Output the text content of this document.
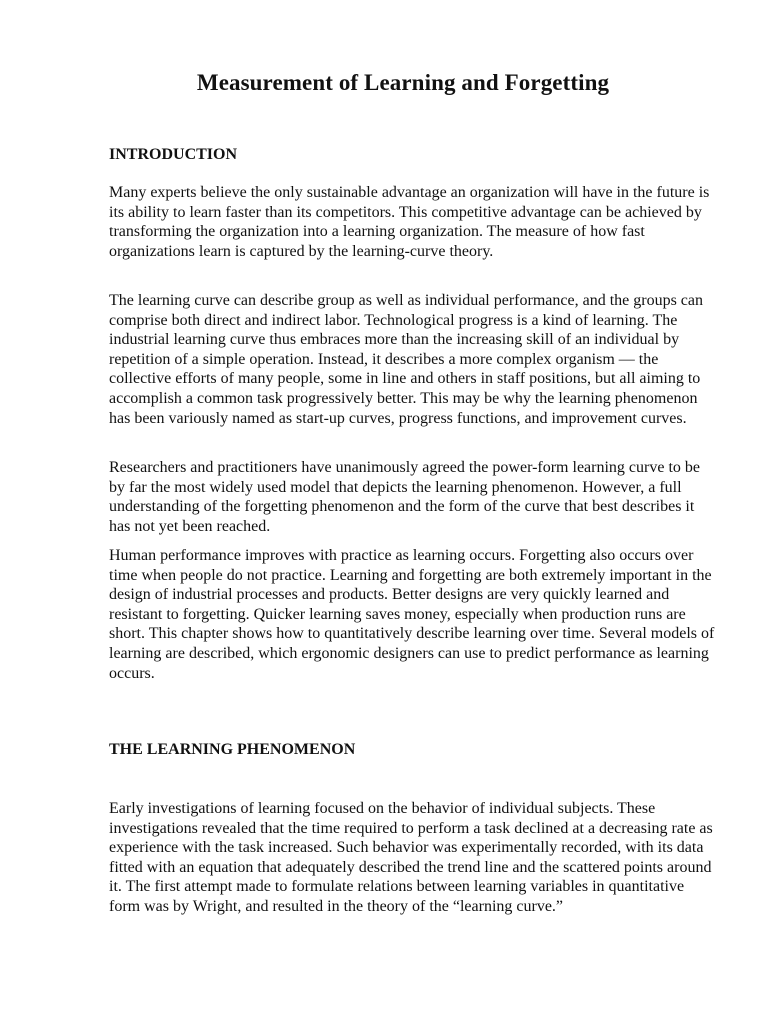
Measurement of Learning and Forgetting
INTRODUCTION

Many experts believe the only sustainable advantage an organization will have in the future is its ability to learn faster than its competitors. This competitive advantage can be achieved by transforming the organization into a learning organization. The measure of how fast organizations learn is captured by the learning-curve theory.

The learning curve can describe group as well as individual performance, and the groups can comprise both direct and indirect labor. Technological progress is a kind of learning. The industrial learning curve thus embraces more than the increasing skill of an individual by repetition of a simple operation. Instead, it describes a more complex organism — the collective efforts of many people, some in line and others in staff positions, but all aiming to accomplish a common task progressively better. This may be why the learning phenomenon has been variously named as start-up curves, progress functions, and improvement curves.

Researchers and practitioners have unanimously agreed the power-form learning curve to be by far the most widely used model that depicts the learning phenomenon. However, a full understanding of the forgetting phenomenon and the form of the curve that best describes it has not yet been reached.

Human performance improves with practice as learning occurs. Forgetting also occurs over time when people do not practice. Learning and forgetting are both extremely important in the design of industrial processes and products. Better designs are very quickly learned and resistant to forgetting. Quicker learning saves money, especially when production runs are short. This chapter shows how to quantitatively describe learning over time. Several models of learning are described, which ergonomic designers can use to predict performance as learning occurs.

THE LEARNING PHENOMENON

Early investigations of learning focused on the behavior of individual subjects. These investigations revealed that the time required to perform a task declined at a decreasing rate as experience with the task increased. Such behavior was experimentally recorded, with its data fitted with an equation that adequately described the trend line and the scattered points around it. The first attempt made to formulate relations between learning variables in quantitative form was by Wright, and resulted in the theory of the “learning curve.”
